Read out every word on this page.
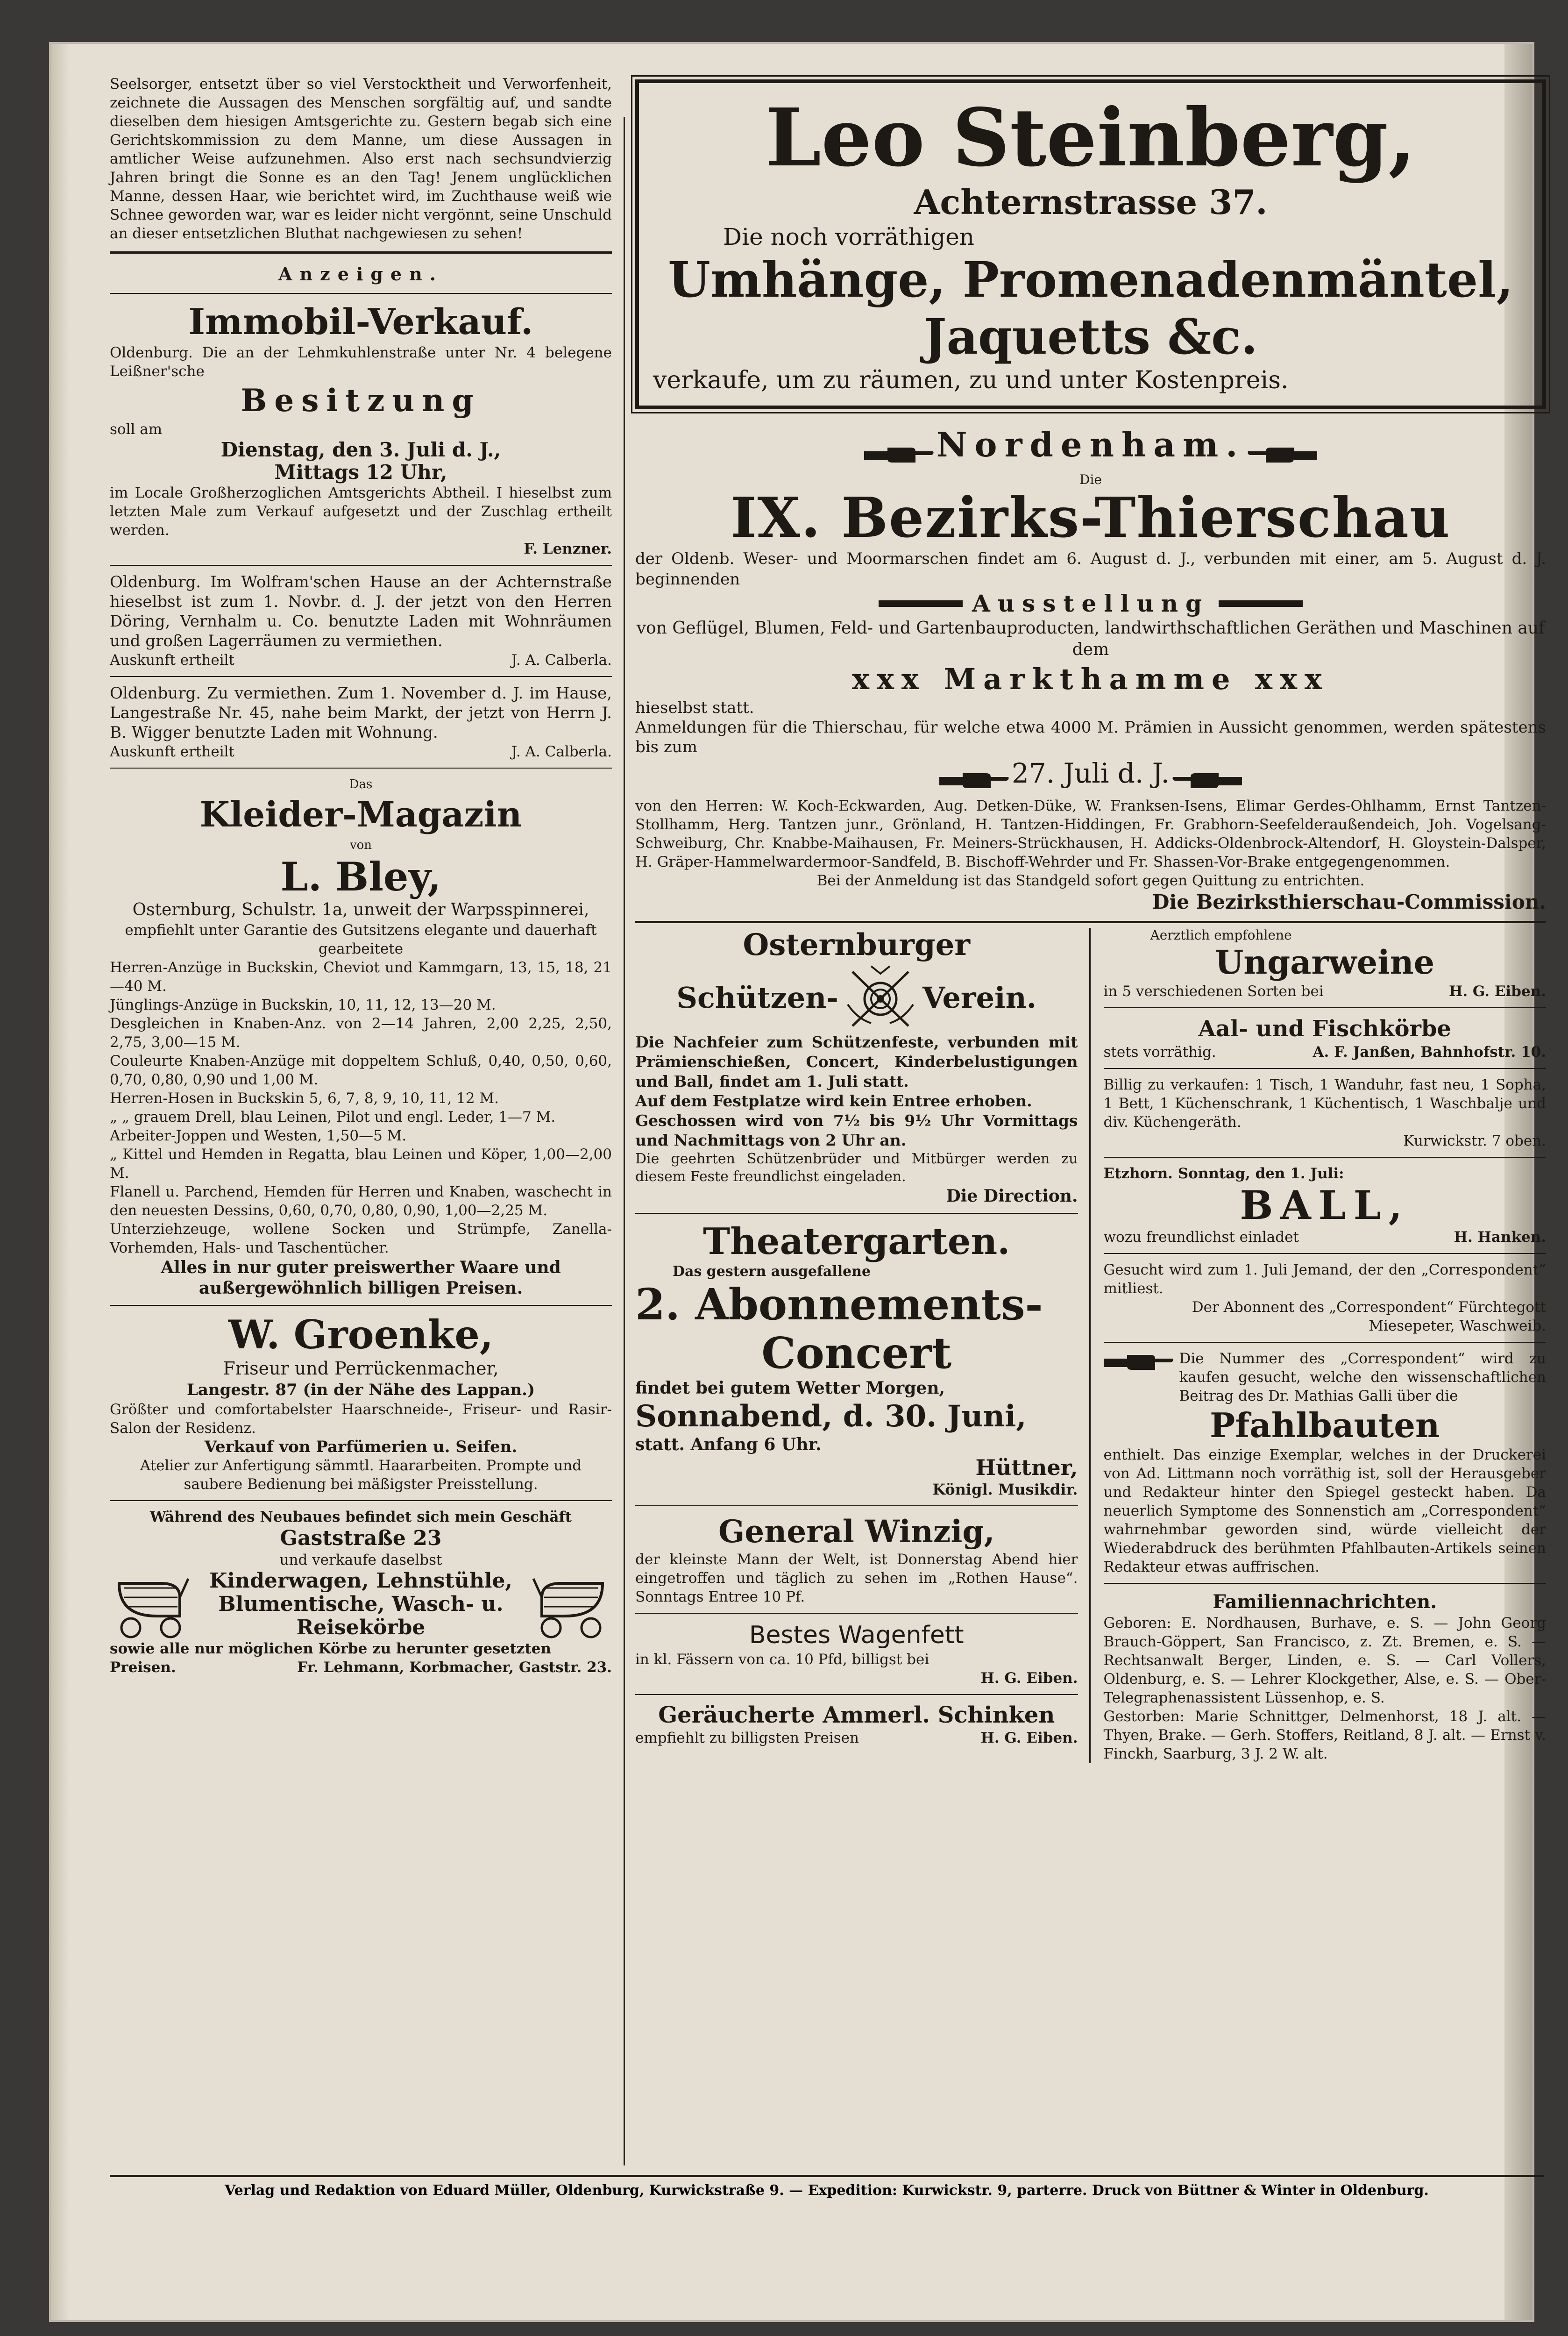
Seelsorger, entsetzt über so viel Verstocktheit und Verworfenheit, zeichnete die Aussagen des Menschen sorgfältig auf, und sandte dieselben dem hiesigen Amtsgerichte zu. Gestern begab sich eine Gerichtskommission zu dem Manne, um diese Aussagen in amtlicher Weise aufzunehmen. Also erst nach sechsundvierzig Jahren bringt die Sonne es an den Tag! Jenem unglücklichen Manne, dessen Haar, wie berichtet wird, im Zuchthause weiß wie Schnee geworden war, war es leider nicht vergönnt, seine Unschuld an dieser entsetzlichen Bluthat nachgewiesen zu sehen!

Anzeigen.

Immobil-Verkauf.

Oldenburg. Die an der Lehmkuhlenstraße unter Nr. 4 belegene Leißner'sche

Besitzung

soll am

Dienstag, den 3. Juli d. J.,

Mittags 12 Uhr,

im Locale Großherzoglichen Amtsgerichts Abtheil. I hieselbst zum letzten Male zum Verkauf aufgesetzt und der Zuschlag ertheilt werden.

F. Lenzner.

Oldenburg. Im Wolfram'schen Hause an der Achternstraße hieselbst ist zum 1. Novbr. d. J. der jetzt von den Herren Döring, Vernhalm u. Co. benutzte Laden mit Wohnräumen und großen Lagerräumen zu vermiethen.

Auskunft ertheilt	J. A. Calberla.

Oldenburg. Zu vermiethen. Zum 1. November d. J. im Hause, Langestraße Nr. 45, nahe beim Markt, der jetzt von Herrn J. B. Wigger benutzte Laden mit Wohnung.

Auskunft ertheilt	J. A. Calberla.

Das

Kleider-Magazin

von

L. Bley,

Osternburg, Schulstr. 1a, unweit der Warpsspinnerei,

empfiehlt unter Garantie des Gutsitzens elegante und dauerhaft gearbeitete

Herren-Anzüge in Buckskin, Cheviot und Kammgarn, 13, 15, 18, 21—40 M.

Jünglings-Anzüge in Buckskin, 10, 11, 12, 13—20 M.

Desgleichen in Knaben-Anz. von 2—14 Jahren, 2,00 2,25, 2,50, 2,75, 3,00—15 M.

Couleurte Knaben-Anzüge mit doppeltem Schluß, 0,40, 0,50, 0,60, 0,70, 0,80, 0,90 und 1,00 M.

Herren-Hosen in Buckskin 5, 6, 7, 8, 9, 10, 11, 12 M.

„ „ grauem Drell, blau Leinen, Pilot und engl. Leder, 1—7 M.

Arbeiter-Joppen und Westen, 1,50—5 M.

„ Kittel und Hemden in Regatta, blau Leinen und Köper, 1,00—2,00 M.

Flanell u. Parchend, Hemden für Herren und Knaben, waschecht in den neuesten Dessins, 0,60, 0,70, 0,80, 0,90, 1,00—2,25 M.

Unterziehzeuge, wollene Socken und Strümpfe, Zanella-Vorhemden, Hals- und Taschentücher.

Alles in nur guter preiswerther Waare und außergewöhnlich billigen Preisen.

W. Groenke,

Friseur und Perrückenmacher,

Langestr. 87 (in der Nähe des Lappan.)

Größter und comfortabelster Haarschneide-, Friseur- und Rasir-Salon der Residenz.

Verkauf von Parfümerien u. Seifen.

Atelier zur Anfertigung sämmtl. Haararbeiten. Prompte und saubere Bedienung bei mäßigster Preisstellung.

Während des Neubaues befindet sich mein Geschäft

Gaststraße 23

und verkaufe daselbst

Kinderwagen, Lehnstühle, Blumentische, Wasch- u. Reisekörbe

sowie alle nur möglichen Körbe zu herunter gesetzten

Preisen.	Fr. Lehmann, Korbmacher, Gaststr. 23.
Leo Steinberg,
Achternstrasse 37.

Die noch vorräthigen

Umhänge, Promenadenmäntel,
Jaquetts &c.

verkaufe, um zu räumen, zu und unter Kostenpreis.

Nordenham.

Die

IX. Bezirks-Thierschau

der Oldenb. Weser- und Moormarschen findet am 6. August d. J., verbunden mit einer, am 5. August d. J. beginnenden

Ausstellung

von Geflügel, Blumen, Feld- und Gartenbauproducten, landwirthschaftlichen Geräthen und Maschinen auf dem

xxx Markthamme xxx

hieselbst statt.

Anmeldungen für die Thierschau, für welche etwa 4000 M. Prämien in Aussicht genommen, werden spätestens bis zum

27. Juli d. J.

von den Herren: W. Koch-Eckwarden, Aug. Detken-Düke, W. Franksen-Isens, Elimar Gerdes-Ohlhamm, Ernst Tantzen-Stollhamm, Herg. Tantzen junr., Grönland, H. Tantzen-Hiddingen, Fr. Grabhorn-Seefelderaußendeich, Joh. Vogelsang-Schweiburg, Chr. Knabbe-Maihausen, Fr. Meiners-Strückhausen, H. Addicks-Oldenbrock-Altendorf, H. Gloystein-Dalsper, H. Gräper-Hammelwardermoor-Sandfeld, B. Bischoff-Wehrder und Fr. Shassen-Vor-Brake entgegengenommen.

Bei der Anmeldung ist das Standgeld sofort gegen Quittung zu entrichten.

Die Bezirksthierschau-Commission.

Osternburger
Schützen-	Verein.

Die Nachfeier zum Schützenfeste, verbunden mit Prämienschießen, Concert, Kinderbelustigungen und Ball, findet am 1. Juli statt.

Auf dem Festplatze wird kein Entree erhoben.

Geschossen wird von 7½ bis 9½ Uhr Vormittags und Nachmittags von 2 Uhr an.

Die geehrten Schützenbrüder und Mitbürger werden zu diesem Feste freundlichst eingeladen.

Die Direction.

Theatergarten.

Das gestern ausgefallene

2. Abonnements-
Concert

findet bei gutem Wetter Morgen,

Sonnabend, d. 30. Juni,

statt. Anfang 6 Uhr.

Hüttner,

Königl. Musikdir.

General Winzig,

der kleinste Mann der Welt, ist Donnerstag Abend hier eingetroffen und täglich zu sehen im „Rothen Hause“. Sonntags Entree 10 Pf.

Bestes Wagenfett

in kl. Fässern von ca. 10 Pfd, billigst bei

H. G. Eiben.

Geräucherte Ammerl. Schinken
empfiehlt zu billigsten Preisen	H. G. Eiben.

Aerztlich empfohlene

Ungarweine
in 5 verschiedenen Sorten bei	H. G. Eiben.
Aal- und Fischkörbe
stets vorräthig.	A. F. Janßen, Bahnhofstr. 10.

Billig zu verkaufen: 1 Tisch, 1 Wanduhr, fast neu, 1 Sopha, 1 Bett, 1 Küchenschrank, 1 Küchentisch, 1 Waschbalje und div. Küchengeräth.

Kurwickstr. 7 oben.

Etzhorn. Sonntag, den 1. Juli:

BALL,
wozu freundlichst einladet	H. Hanken.

Gesucht wird zum 1. Juli Jemand, der den „Correspondent“ mitliest.

Der Abonnent des „Correspondent“ Fürchtegott Miesepeter, Waschweib.

Die Nummer des „Correspondent“ wird zu kaufen gesucht, welche den wissenschaftlichen Beitrag des Dr. Mathias Galli über die

Pfahlbauten

enthielt. Das einzige Exemplar, welches in der Druckerei von Ad. Littmann noch vorräthig ist, soll der Herausgeber und Redakteur hinter den Spiegel gesteckt haben. Da neuerlich Symptome des Sonnenstich am „Correspondent“ wahrnehmbar geworden sind, würde vielleicht der Wiederabdruck des berühmten Pfahlbauten-Artikels seinen Redakteur etwas auffrischen.

Familiennachrichten.

Geboren: E. Nordhausen, Burhave, e. S. — John Georg Brauch-Göppert, San Francisco, z. Zt. Bremen, e. S. — Rechtsanwalt Berger, Linden, e. S. — Carl Vollers, Oldenburg, e. S. — Lehrer Klockgether, Alse, e. S. — Ober-Telegraphenassistent Lüssenhop, e. S.

Gestorben: Marie Schnittger, Delmenhorst, 18 J. alt. — Thyen, Brake. — Gerh. Stoffers, Reitland, 8 J. alt. — Ernst v. Finckh, Saarburg, 3 J. 2 W. alt.

Verlag und Redaktion von Eduard Müller, Oldenburg, Kurwickstraße 9. — Expedition: Kurwickstr. 9, parterre. Druck von Büttner & Winter in Oldenburg.
